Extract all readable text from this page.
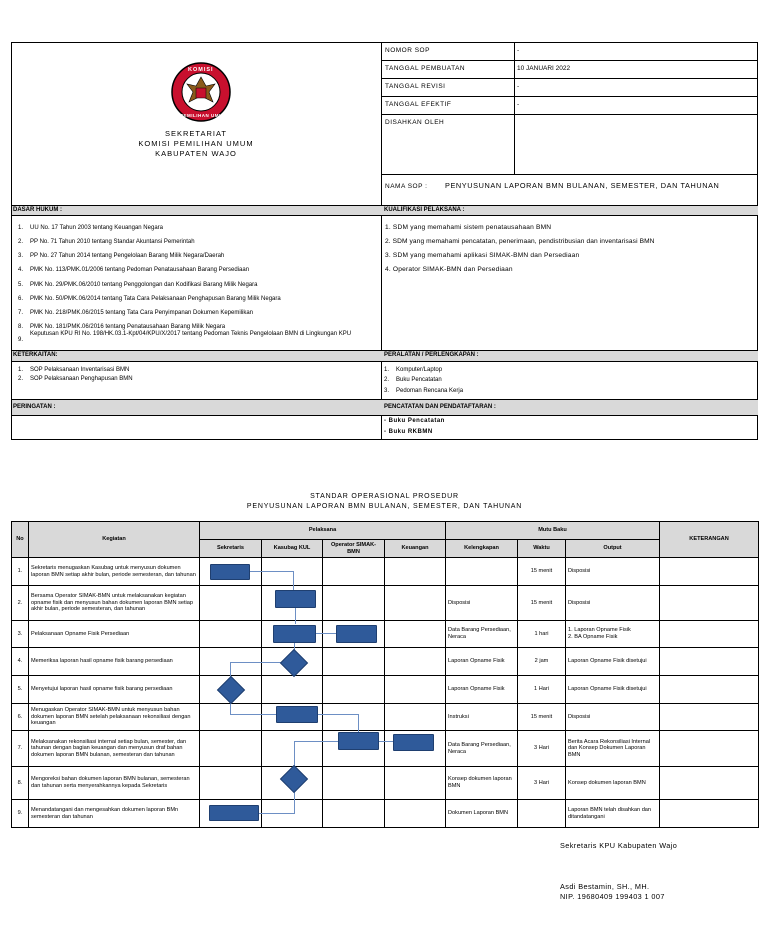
KOMISI
PEMILIHAN UMUM
SEKRETARIAT
KOMISI PEMILIHAN UMUM
KABUPATEN WAJO
NOMOR SOP	-
TANGGAL PEMBUATAN	10 JANUARI 2022
TANGGAL REVISI	-
TANGGAL EFEKTIF	-
DISAHKAN OLEH
NAMA SOP : PENYUSUNAN LAPORAN BMN BULANAN, SEMESTER, DAN TAHUNAN
DASAR HUKUM :	KUALIFIKASI PELAKSANA :
1. UU No. 17 Tahun 2003 tentang Keuangan Negara
2. PP No. 71 Tahun 2010 tentang Standar Akuntansi Pemerintah
3. PP No. 27 Tahun 2014 tentang Pengelolaan Barang Milik Negara/Daerah
4. PMK No. 113/PMK.01/2006 tentang Pedoman Penatausahaan Barang Persediaan
5. PMK No. 29/PMK.06/2010 tentang Penggolongan dan Kodifikasi Barang Milik Negara
6. PMK No. 50/PMK.06/2014 tentang Tata Cara Pelaksanaan Penghapusan Barang Milik Negara
7. PMK No. 218/PMK.06/2015 tentang Tata Cara Penyimpanan Dokumen Kepemilikan
8. PMK No. 181/PMK.06/2016 tentang Penatausahaan Barang Milik Negara
9.
Keputusan KPU RI No. 198/HK.03.1-Kpt/04/KPU/X/2017 tentang Pedoman Teknis Pengelolaan BMN di Lingkungan KPU
1. SDM yang memahami sistem penatausahaan BMN
2. SDM yang memahami pencatatan, penerimaan, pendistribusian dan inventarisasi BMN
3. SDM yang memahami aplikasi SIMAK-BMN dan Persediaan
4. Operator SIMAK-BMN dan Persediaan
KETERKAITAN:	PERALATAN / PERLENGKAPAN :
1. SOP Pelaksanaan Inventarisasi BMN
2. SOP Pelaksanaan Penghapusan BMN
1. Komputer/Laptop
2. Buku Pencatatan
3. Pedoman Rencana Kerja
PERINGATAN :	PENCATATAN DAN PENDATAFTARAN :
- Buku Pencatatan
- Buku RKBMN
STANDAR OPERASIONAL PROSEDUR
PENYUSUNAN LAPORAN BMN BULANAN, SEMESTER, DAN TAHUNAN
No	Kegiatan	Pelaksana				Mutu Baku			KETERANGAN
		Sekretaris	Kasubag KUL	Operator SIMAK-BMN	Keuangan	Kelengkapan	Waktu	Output	
1.	Sekretaris menugaskan Kasubag untuk menyusun dokumen laporan BMN setiap akhir bulan, periode semesteran, dan tahunan						15 menit	Disposisi	
2.	Bersama Operator SIMAK-BMN untuk melaksanakan kegiatan opname fisik dan menyusun bahan dokumen laporan BMN setiap akhir bulan, periode semesteran, dan tahunan					Disposisi	15 menit	Disposisi	
3.	Pelaksanaan Opname Fisik Persediaan					Data Barang Persediaan, Neraca	1 hari	1. Laporan Opname Fisik
2. BA Opname Fisik	
4.	Memeriksa laporan hasil opname fisik barang persediaan					Laporan Opname Fisik	2 jam	Laporan Opname Fisik disetujui	
5.	Menyetujui laporan hasil opname fisik barang persediaan					Laporan Opname Fisik	1 Hari	Laporan Opname Fisik disetujui	
6.	Menugaskan Operator SIMAK-BMN untuk menyusun bahan dokumen laporan BMN setelah pelaksanaan rekonsiliasi dengan keuangan					Instruksi	15 menit	Disposisi	
7.	Melaksanakan rekonsiliasi internal setiap bulan, semester, dan tahunan dengan bagian keuangan dan menyusun draf bahan dokumen laporan BMN bulanan, semesteran dan tahunan					Data Barang Persediaan, Neraca	3 Hari	Berita Acara Rekonsiliasi Internal dan Konsep Dokumen Laporan BMN	
8.	Mengoreksi bahan dokumen laporan BMN bulanan, semesteran dan tahunan serta menyerahkannya kepada Sekretaris					Konsep dokumen laporan BMN	3 Hari	Konsep dokumen laporan BMN	
9.	Menandatangani dan mengesahkan dokumen laporan BMn semesteran dan tahunan					Dokumen Laporan BMN		Laporan BMN telah disahkan dan ditandatangani	
Sekretaris KPU Kabupaten Wajo
Asdi Bestamin, SH., MH.
NIP. 19680409 199403 1 007
